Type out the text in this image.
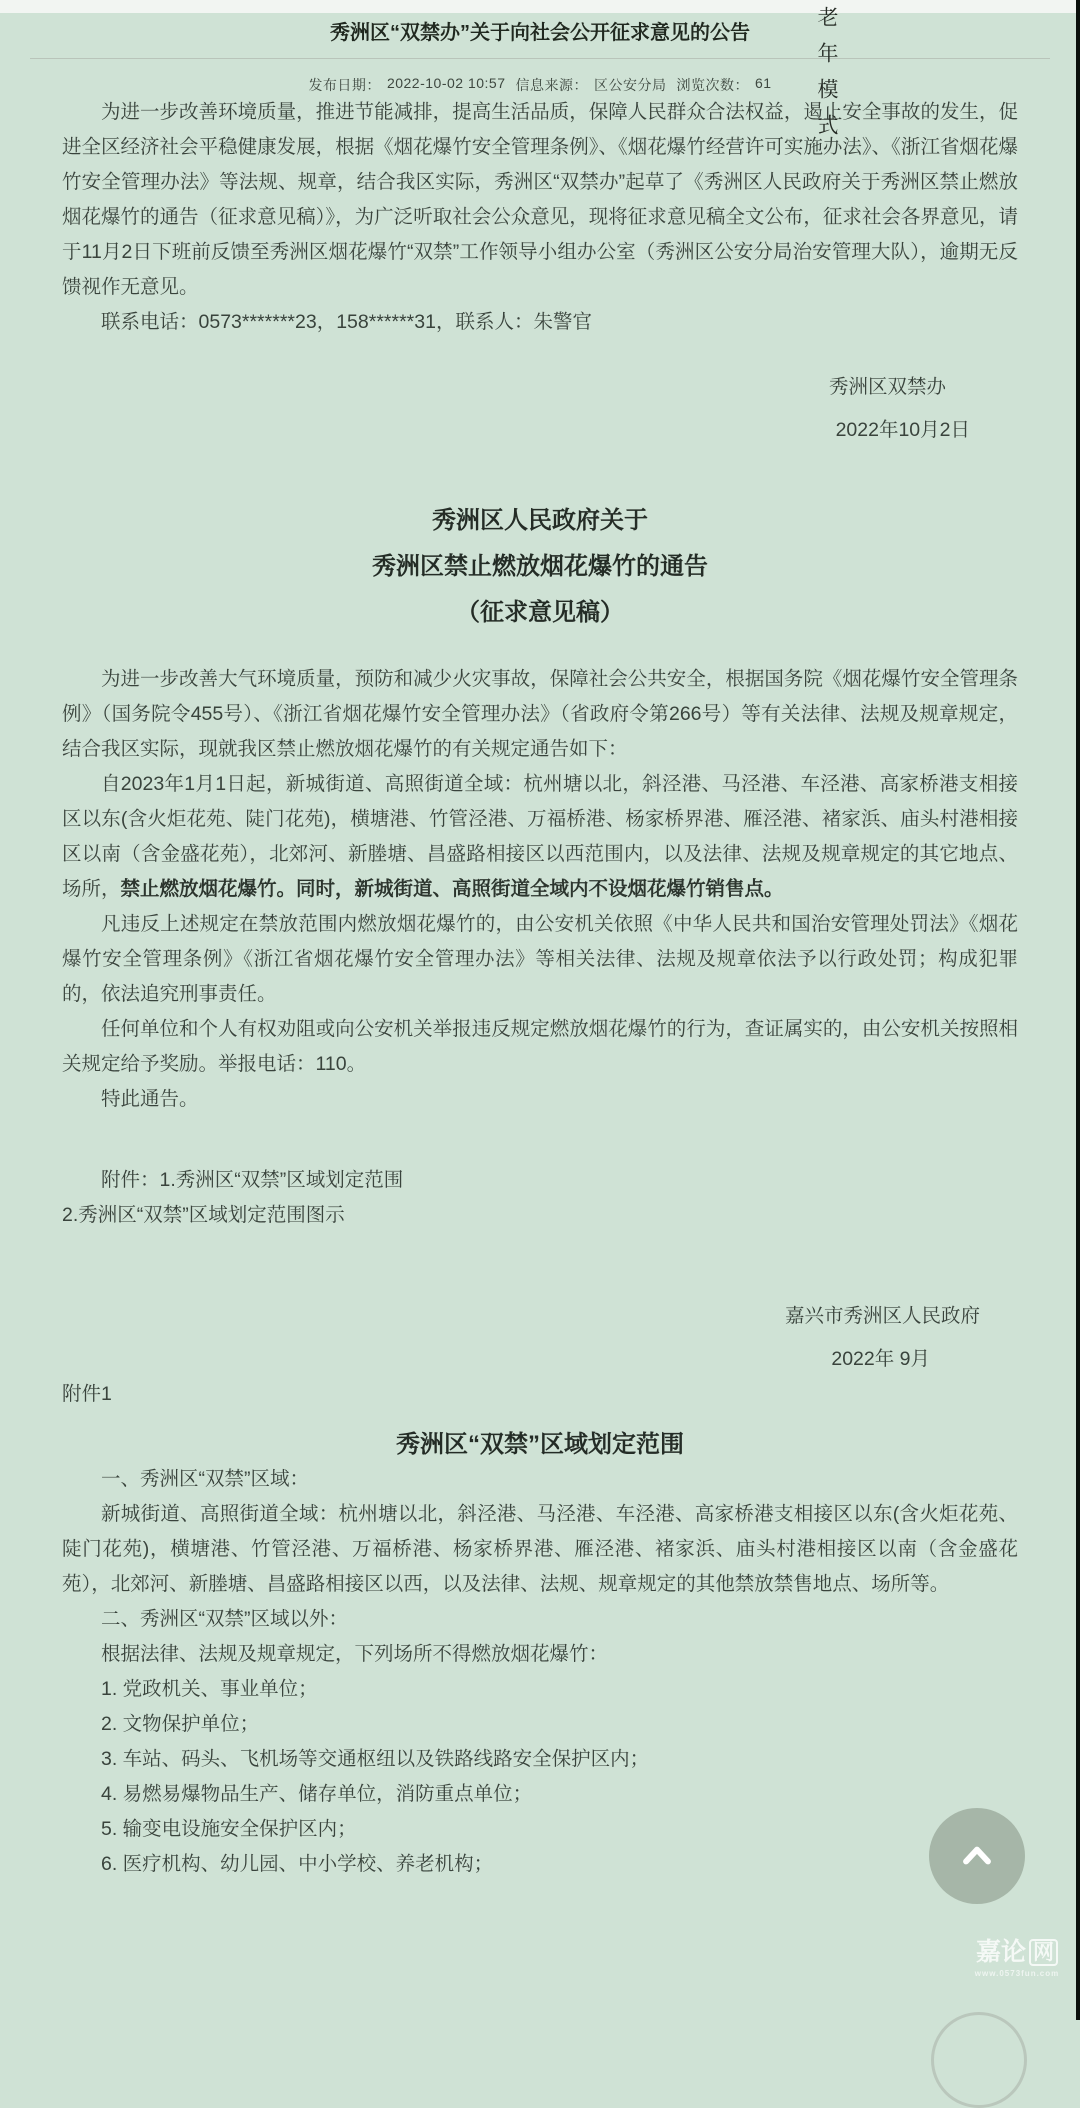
秀洲区“双禁办”关于向社会公开征求意见的公告
发布日期： 2022-10-02 10:57 信息来源： 区公安分局 浏览次数： 61

为进一步改善环境质量，推进节能减排，提高生活品质，保障人民群众合法权益，遏止安全事故的发生，促进全区经济社会平稳健康发展，根据《烟花爆竹安全管理条例》、《烟花爆竹经营许可实施办法》、《浙江省烟花爆竹安全管理办法》等法规、规章，结合我区实际，秀洲区“双禁办”起草了《秀洲区人民政府关于秀洲区禁止燃放烟花爆竹的通告（征求意见稿）》，为广泛听取社会公众意见，现将征求意见稿全文公布，征求社会各界意见，请于11月2日下班前反馈至秀洲区烟花爆竹“双禁”工作领导小组办公室（秀洲区公安分局治安管理大队），逾期无反馈视作无意见。

联系电话：0573*******23，158******31，联系人：朱警官

秀洲区双禁办

2022年10月2日

秀洲区人民政府关于

秀洲区禁止燃放烟花爆竹的通告

（征求意见稿）

为进一步改善大气环境质量，预防和减少火灾事故，保障社会公共安全，根据国务院《烟花爆竹安全管理条例》（国务院令455号）、《浙江省烟花爆竹安全管理办法》（省政府令第266号）等有关法律、法规及规章规定，结合我区实际，现就我区禁止燃放烟花爆竹的有关规定通告如下：

自2023年1月1日起，新城街道、高照街道全域：杭州塘以北，斜泾港、马泾港、车泾港、高家桥港支相接区以东(含火炬花苑、陡门花苑)，横塘港、竹管泾港、万福桥港、杨家桥界港、雁泾港、褚家浜、庙头村港相接区以南（含金盛花苑），北郊河、新塍塘、昌盛路相接区以西范围内，以及法律、法规及规章规定的其它地点、场所，禁止燃放烟花爆竹。同时，新城街道、高照街道全域内不设烟花爆竹销售点。

凡违反上述规定在禁放范围内燃放烟花爆竹的，由公安机关依照《中华人民共和国治安管理处罚法》《烟花爆竹安全管理条例》《浙江省烟花爆竹安全管理办法》等相关法律、法规及规章依法予以行政处罚；构成犯罪的，依法追究刑事责任。

任何单位和个人有权劝阻或向公安机关举报违反规定燃放烟花爆竹的行为，查证属实的，由公安机关按照相关规定给予奖励。举报电话：110。

特此通告。

附件：1.秀洲区“双禁”区域划定范围

2.秀洲区“双禁”区域划定范围图示

嘉兴市秀洲区人民政府

2022年 9月

附件1

秀洲区“双禁”区域划定范围

一、秀洲区“双禁”区域：

新城街道、高照街道全域：杭州塘以北，斜泾港、马泾港、车泾港、高家桥港支相接区以东(含火炬花苑、陡门花苑)，横塘港、竹管泾港、万福桥港、杨家桥界港、雁泾港、褚家浜、庙头村港相接区以南（含金盛花苑），北郊河、新塍塘、昌盛路相接区以西，以及法律、法规、规章规定的其他禁放禁售地点、场所等。

二、秀洲区“双禁”区域以外：

根据法律、法规及规章规定，下列场所不得燃放烟花爆竹：

1. 党政机关、事业单位；

2. 文物保护单位；

3. 车站、码头、飞机场等交通枢纽以及铁路线路安全保护区内；

4. 易燃易爆物品生产、储存单位，消防重点单位；

5. 输变电设施安全保护区内；

6. 医疗机构、幼儿园、中小学校、养老机构；

老年模式
嘉论 网
www.0573fun.com
